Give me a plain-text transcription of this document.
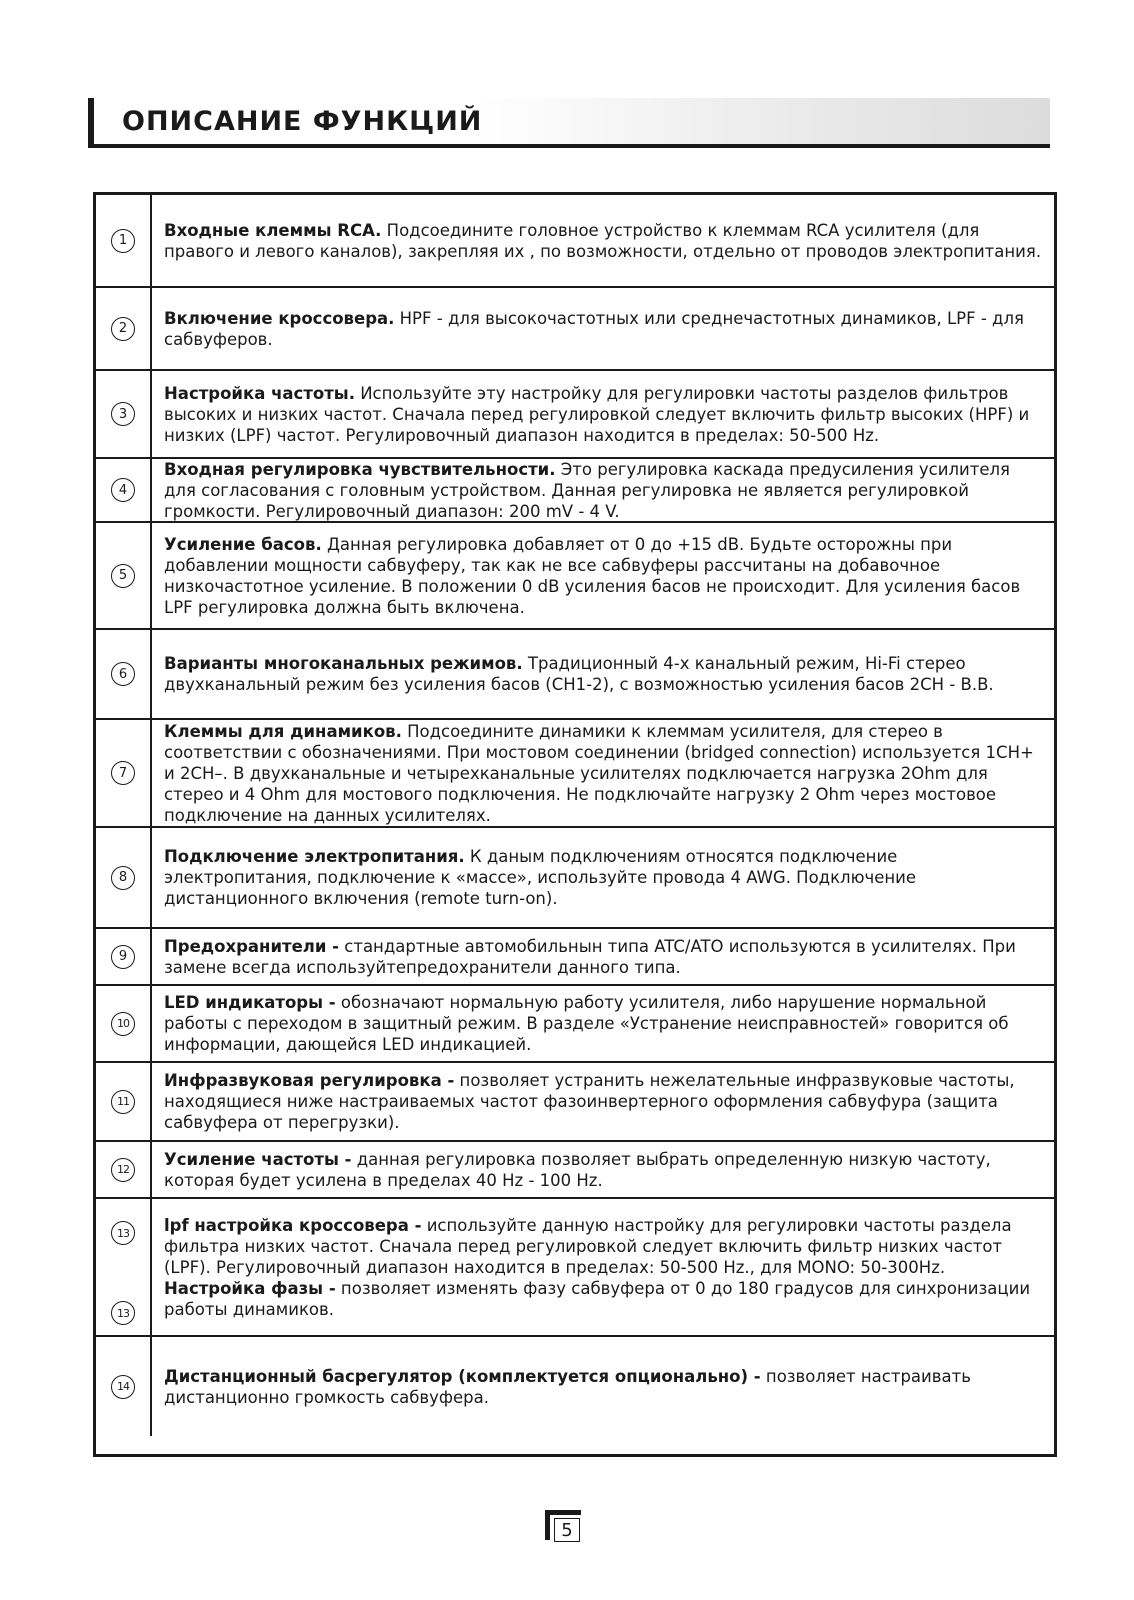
ОПИСАНИЕ ФУНКЦИЙ
1
Входные клеммы RCA. Подсоедините головное устройство к клеммам RCA усилителя (для правого и левого каналов), закрепляя их , по возможности, отдельно от проводов электропитания.
2
Включение кроссовера. HPF - для высокочастотных или среднечастотных динамиков, LPF - для сабвуферов.
3
Настройка частоты. Используйте эту настройку для регулировки частоты разделов фильтров высоких и низких частот. Сначала перед регулировкой следует включить фильтр высоких (HPF) и низких (LPF) частот. Регулировочный диапазон находится в пределах: 50-500 Hz.
4
Входная регулировка чувствительности. Это регулировка каскада предусиления усилителя для согласования с головным устройством. Данная регулировка не является регулировкой громкости. Регулировочный диапазон: 200 mV - 4 V.
5
Усиление басов. Данная регулировка добавляет от 0 до +15 dB. Будьте осторожны при добавлении мощности сабвуферу, так как не все сабвуферы рассчитаны на добавочное низкочастотное усиление. В положении 0 dB усиления басов не происходит. Для усиления басов LPF регулировка должна быть включена.
6
Варианты многоканальных режимов. Традиционный 4-х канальный режим, Hi-Fi стерео двухканальный режим без усиления басов (CH1-2), с возможностью усиления басов 2CH - B.B.
7
Клеммы для динамиков. Подсоедините динамики к клеммам усилителя, для стерео в соответствии с обозначениями. При мостовом соединении (bridged connection) используется 1CH+ и 2CH–. В двухканальные и четырехканальные усилителях подключается нагрузка 2Ohm для стерео и 4 Ohm для мостового подключения. Не подключайте нагрузку 2 Ohm через мостовое подключение на данных усилителях.
8
Подключение электропитания. К даным подключениям относятся подключение электропитания, подключение к «массе», используйте провода 4 AWG. Подключение дистанционного включения (remote turn-on).
9
Предохранители - стандартные автомобильнын типа ATC/ATO используются в усилителях. При замене всегда используйтепредохранители данного типа.
10
LED индикаторы - обозначают нормальную работу усилителя, либо нарушение нормальной работы с переходом в защитный режим. В разделе «Устранение неисправностей» говорится об информации, дающейся LED индикацией.
11
Инфразвуковая регулировка - позволяет устранить нежелательные инфразвуковые частоты, находящиеся ниже настраиваемых частот фазоинвертерного оформления сабвуфура (защита сабвуфера от перегрузки).
12
Усиление частоты - данная регулировка позволяет выбрать определенную низкую частоту, которая будет усилена в пределах 40 Hz - 100 Hz.
13
13
lpf настройка кроссовера - используйте данную настройку для регулировки частоты раздела фильтра низких частот. Сначала перед регулировкой следует включить фильтр низких частот (LPF). Регулировочный диапазон находится в пределах: 50-500 Hz., для MONO: 50-300Hz.
Настройка фазы - позволяет изменять фазу сабвуфера от 0 до 180 градусов для синхронизации работы динамиков.
14
Дистанционный басрегулятор (комплектуется опционально) - позволяет настраивать дистанционно громкость сабвуфера.
5
